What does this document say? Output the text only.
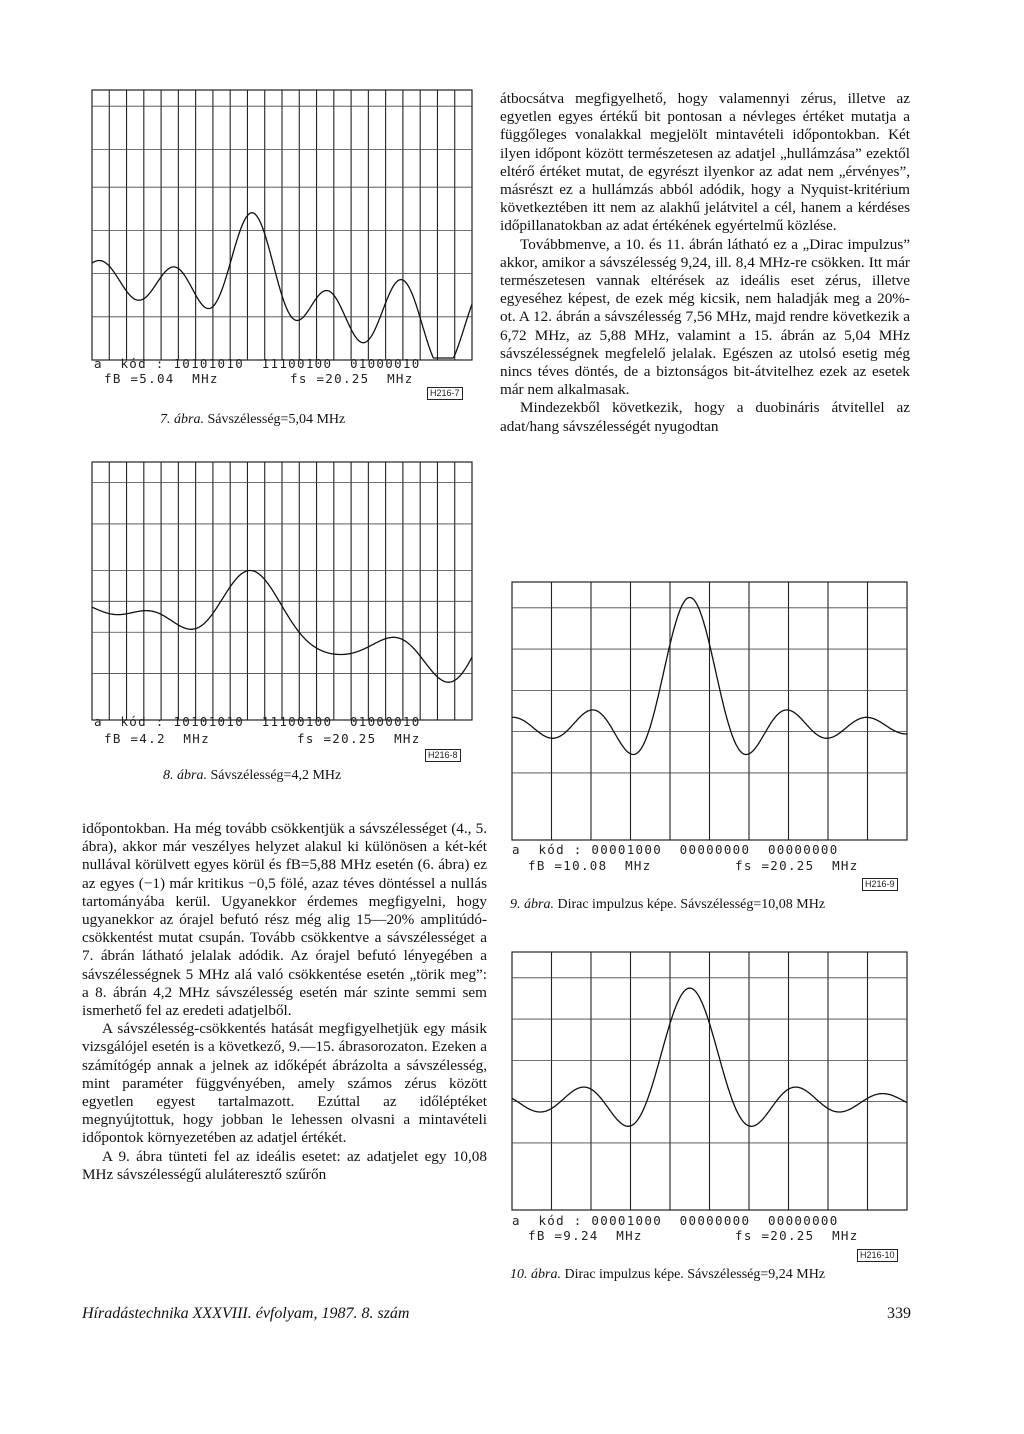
a  kód : 10101010  11100100  01000010
fB =5.04  MHz	fs =20.25  MHz
H216-7
7. ábra. Sávszélesség=5,04 MHz
a  kód : 10101010  11100100  01000010
fB =4.2  MHz	fs =20.25  MHz
H216-8
8. ábra. Sávszélesség=4,2 MHz
a  kód : 00001000  00000000  00000000
fB =10.08  MHz	fs =20.25  MHz
H216-9
9. ábra. Dirac impulzus képe. Sávszélesség=10,08 MHz
a  kód : 00001000  00000000  00000000
fB =9.24  MHz	fs =20.25  MHz
H216-10
10. ábra. Dirac impulzus képe. Sávszélesség=9,24 MHz

átbocsátva megfigyelhető, hogy valamennyi zérus, illetve az egyetlen egyes értékű bit pontosan a névleges értéket mutatja a függőleges vonalakkal megjelölt mintavételi időpontokban. Két ilyen időpont között természetesen az adatjel „hullámzása” ezektől eltérő értéket mutat, de egyrészt ilyenkor az adat nem „érvényes”, másrészt ez a hullámzás abból adódik, hogy a Nyquist-kritérium következtében itt nem az alakhű jelátvitel a cél, hanem a kérdéses időpillanatokban az adat értékének egyértelmű közlése.

Továbbmenve, a 10. és 11. ábrán látható ez a „Dirac impulzus” akkor, amikor a sávszélesség 9,24, ill. 8,4 MHz-re csökken. Itt már természetesen vannak eltérések az ideális eset zérus, illetve egyeséhez képest, de ezek még kicsik, nem haladják meg a 20%-ot. A 12. ábrán a sávszélesség 7,56 MHz, majd rendre következik a 6,72 MHz, az 5,88 MHz, valamint a 15. ábrán az 5,04 MHz sávszélességnek megfelelő jelalak. Egészen az utolsó esetig még nincs téves döntés, de a biztonságos bit-átvitelhez ezek az esetek már nem alkalmasak.

Mindezekből következik, hogy a duobináris átvitellel az adat/hang sávszélességét nyugodtan

időpontokban. Ha még tovább csökkentjük a sávszélességet (4., 5. ábra), akkor már veszélyes helyzet alakul ki különösen a két-két nullával körülvett egyes körül és fB=5,88 MHz esetén (6. ábra) ez az egyes (−1) már kritikus −0,5 fölé, azaz téves döntéssel a nullás tartományába kerül. Ugyanekkor érdemes megfigyelni, hogy ugyanekkor az órajel befutó rész még alig 15—20% amplitúdó-csökkentést mutat csupán. Tovább csökkentve a sávszélességet a 7. ábrán látható jelalak adódik. Az órajel befutó lényegében a sávszélességnek 5 MHz alá való csökkentése esetén „törik meg”: a 8. ábrán 4,2 MHz sávszélesség esetén már szinte semmi sem ismerhető fel az eredeti adatjelből.

A sávszélesség-csökkentés hatását megfigyelhetjük egy másik vizsgálójel esetén is a következő, 9.—15. ábrasorozaton. Ezeken a számítógép annak a jelnek az időképét ábrázolta a sávszélesség, mint paraméter függvényében, amely számos zérus között egyetlen egyest tartalmazott. Ezúttal az időléptéket megnyújtottuk, hogy jobban le lehessen olvasni a mintavételi időpontok környezetében az adatjel értékét.

A 9. ábra tünteti fel az ideális esetet: az adatjelet egy 10,08 MHz sávszélességű aluláteresztő szűrőn

Híradástechnika XXXVIII. évfolyam, 1987. 8. szám	339
